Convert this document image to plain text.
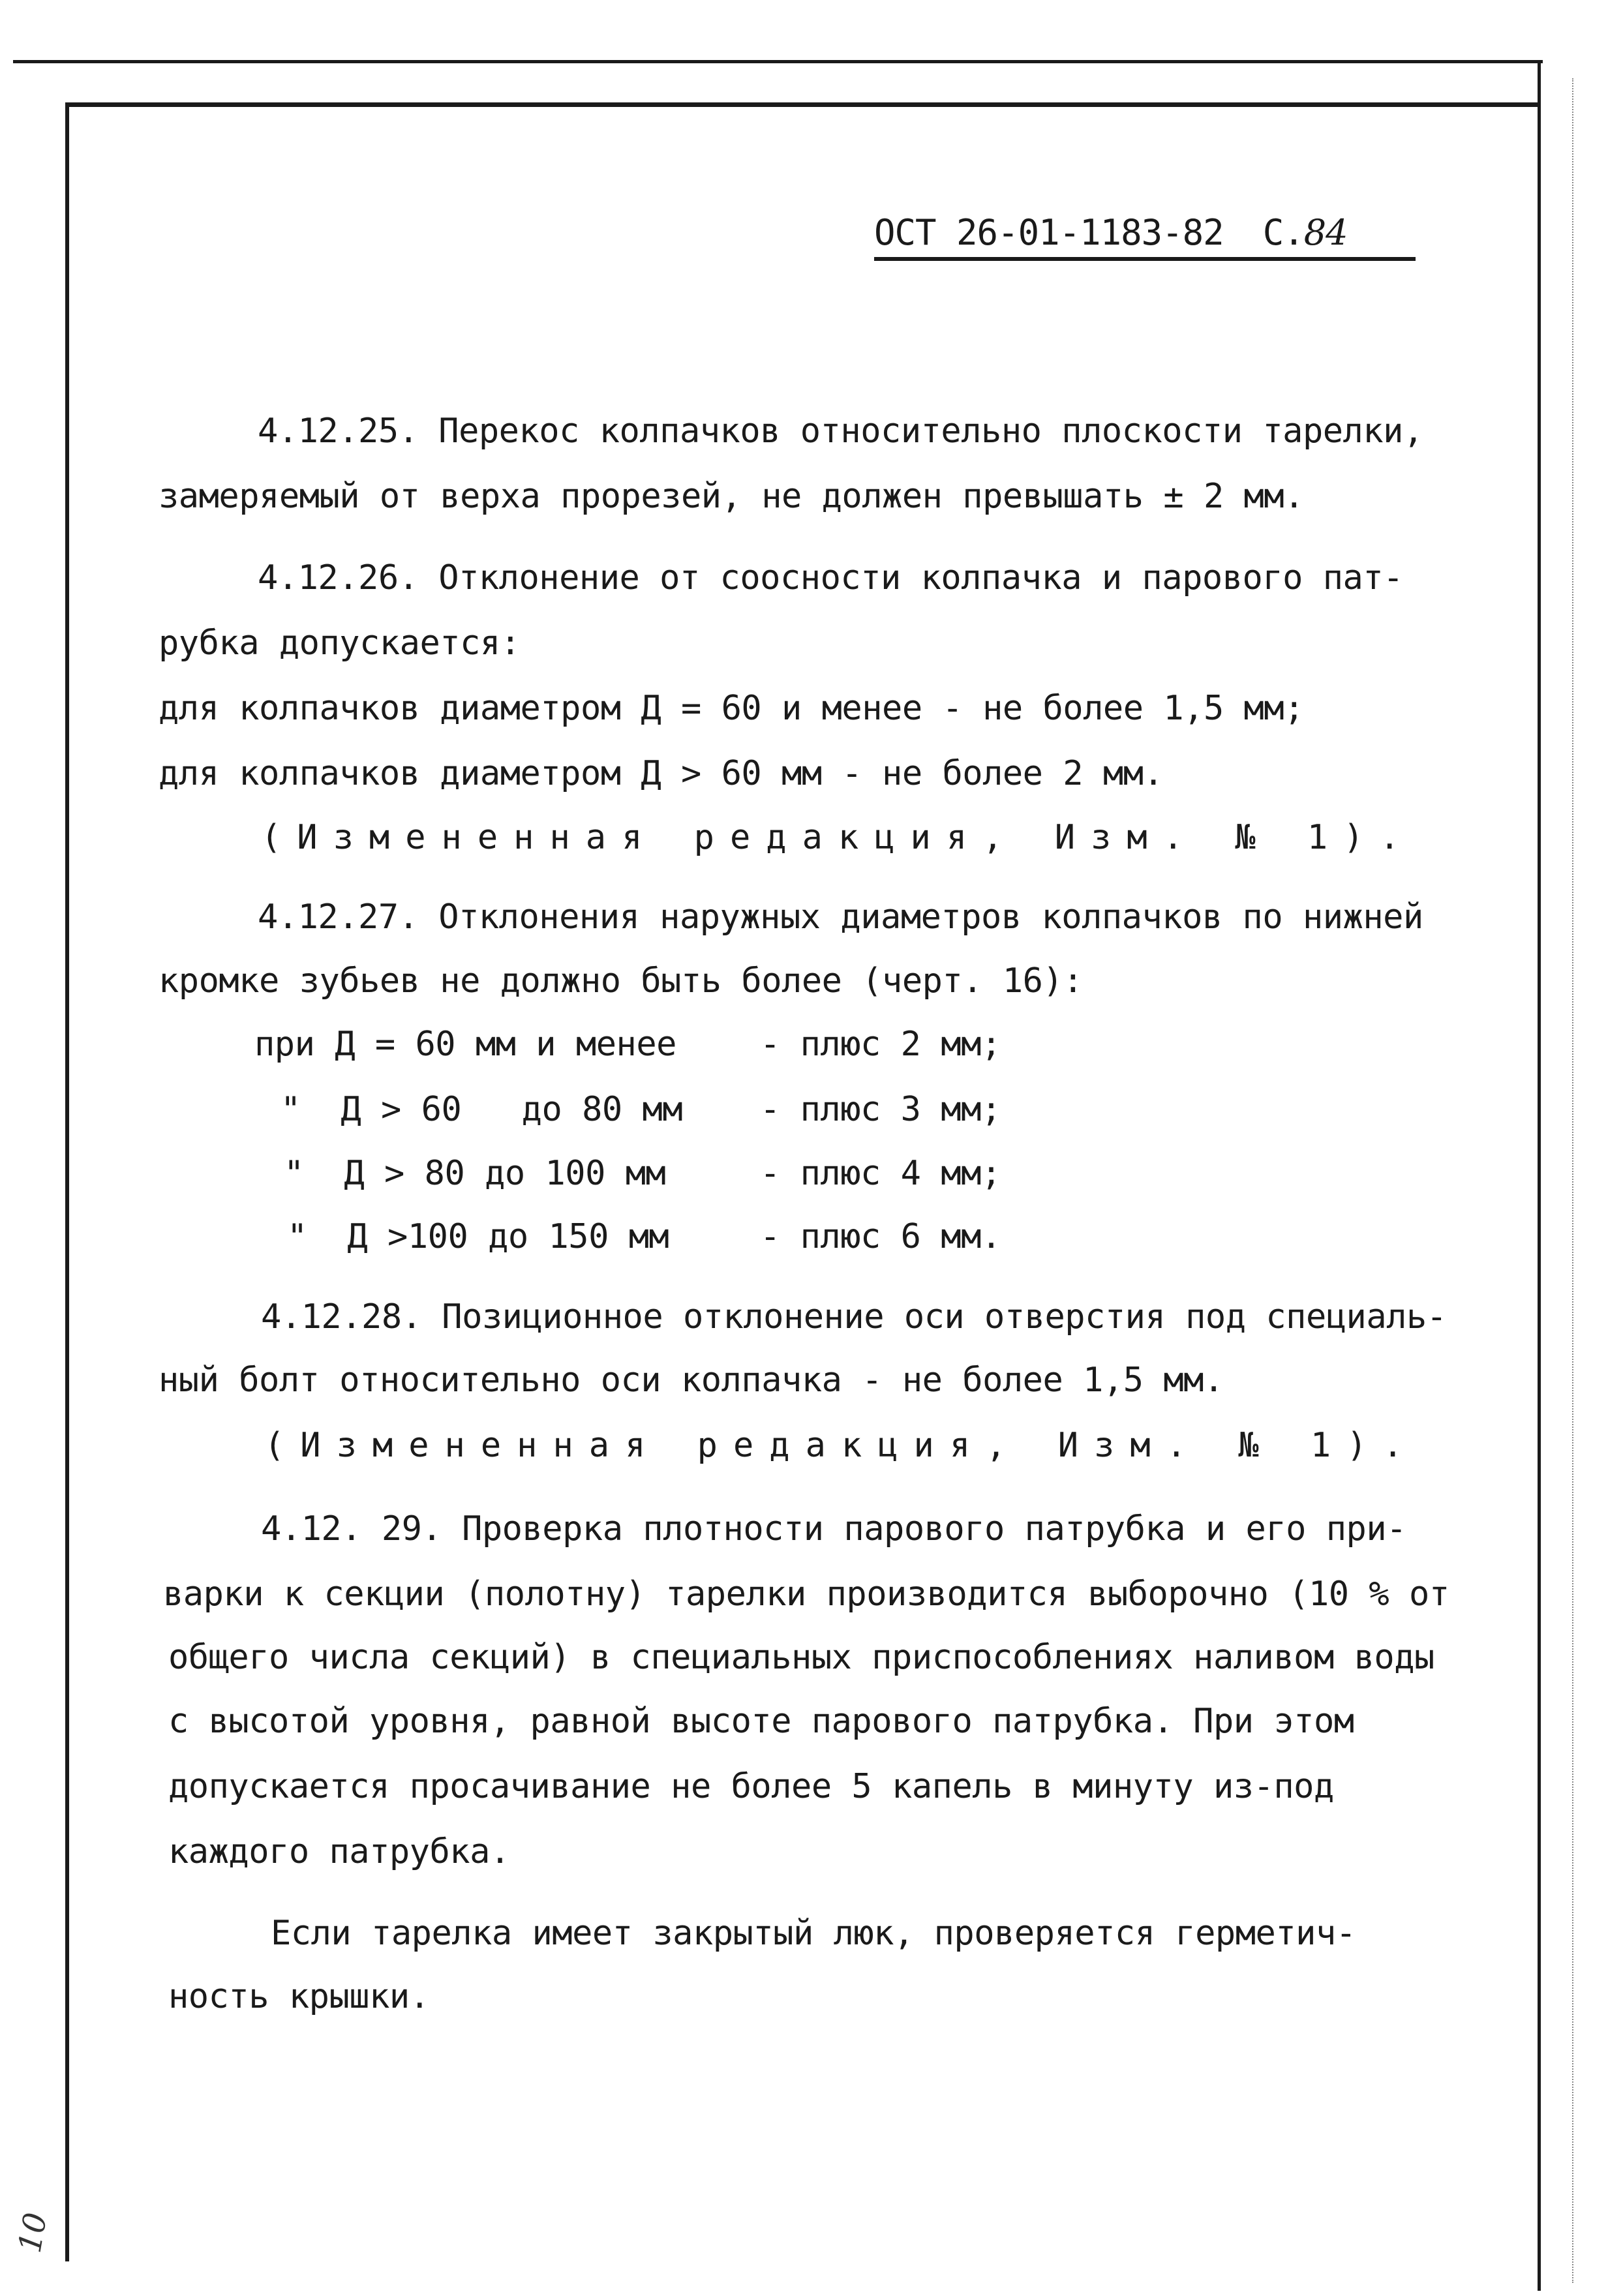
ОСТ 26-01-1183-82 С.84
4.12.25. Перекос колпачков относительно плоскости тарелки,
замеряемый от верха прорезей, не должен превышать ± 2 мм.
4.12.26. Отклонение от соосности колпачка и парового пат-
рубка допускается:
для колпачков диаметром Д = 60 и менее - не более 1,5 мм;
для колпачков диаметром Д > 60 мм - не более 2 мм.
(Измененная редакция, Изм. № 1).
4.12.27. Отклонения наружных диаметров колпачков по нижней
кромке зубьев не должно быть более (черт. 16):
при Д = 60 мм и менее - плюс 2 мм;
"  Д > 60   до 80 мм - плюс 3 мм;
"  Д > 80 до 100 мм	- плюс 4 мм;
"  Д >100 до 150 мм	- плюс 6 мм.
4.12.28. Позиционное отклонение оси отверстия под специаль-
ный болт относительно оси колпачка - не более 1,5 мм.
(Измененная редакция, Изм. № 1).
4.12. 29. Проверка плотности парового патрубка и его при-
варки к секции (полотну) тарелки производится выборочно (10 % от
общего числа секций) в специальных приспособлениях наливом воды
с высотой уровня, равной высоте парового патрубка. При этом
допускается просачивание не более 5 капель в минуту из-под
каждого патрубка.
Если тарелка имеет закрытый люк, проверяется герметич-
ность крышки.
10
